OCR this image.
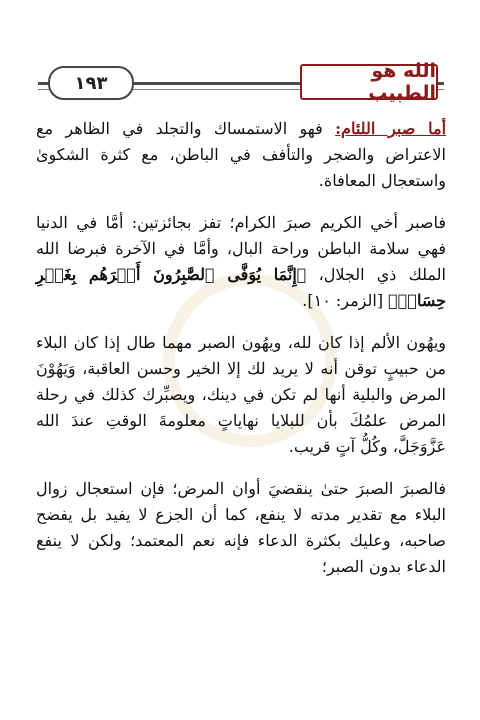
١٩٣
الله هو الطبيب

أما صبر اللئام: فهو الاستمساك والتجلد في الظاهر مع الاعتراض والضجر والتأفف في الباطن، مع كثرة الشكوىٰ واستعجال المعافاة.

فاصبر أخي الكريم صبرَ الكرام؛ تفز بجائزتين: أمَّا في الدنيا فهي سلامة الباطن وراحة البال، وأمَّا في الآخرة فبرضا الله الملك ذي الجلال، ﴿إِنَّمَا يُوَفَّى ٱلصَّٰبِرُونَ أَجۡرَهُم بِغَيۡرِ حِسَابٖ﴾ [الزمر: ١٠].

ويهُون الألم إذا كان لله، ويهُون الصبر مهما طال إذا كان البلاء من حبيبٍ توقن أنه لا يريد لك إلا الخير وحسن العاقبة، وَيَهُوْنَ المرض والبلية أنها لم تكن في دينك، ويصبِّرك كذلك في رحلة المرض علمُكَ بأن للبلايا نهاياتٍ معلومةَ الوقتِ عندَ الله عَزَّوَجَلَّ، وكُلُّ آتٍ قريب.

فالصبرَ الصبرَ حتىٰ ينقضيَ أوان المرض؛ فإن استعجال زوال البلاء مع تقدير مدته لا ينفع، كما أن الجزع لا يفيد بل يفضح صاحبه، وعليك بكثرة الدعاء فإنه نعم المعتمد؛ ولكن لا ينفع الدعاء بدون الصبر؛
